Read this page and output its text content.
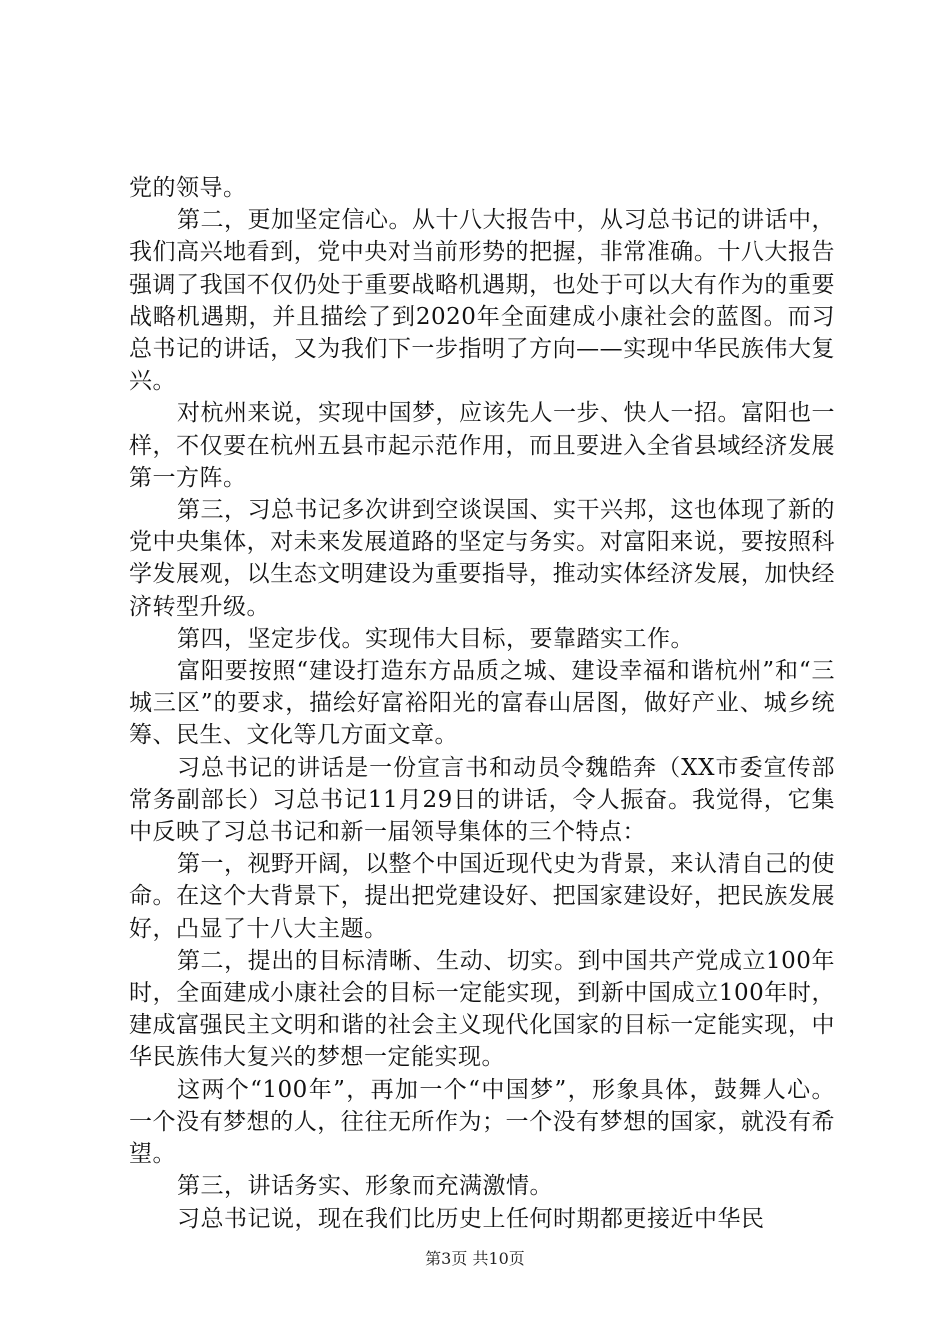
党的领导。

第二，更加坚定信心。从十八大报告中，从习总书记的讲话中，我们高兴地看到，党中央对当前形势的把握，非常准确。十八大报告强调了我国不仅仍处于重要战略机遇期，也处于可以大有作为的重要战略机遇期，并且描绘了到2020年全面建成小康社会的蓝图。而习总书记的讲话，又为我们下一步指明了方向——实现中华民族伟大复兴。

对杭州来说，实现中国梦，应该先人一步、快人一招。富阳也一样，不仅要在杭州五县市起示范作用，而且要进入全省县域经济发展第一方阵。

第三，习总书记多次讲到空谈误国、实干兴邦，这也体现了新的党中央集体，对未来发展道路的坚定与务实。对富阳来说，要按照科学发展观，以生态文明建设为重要指导，推动实体经济发展，加快经济转型升级。

第四，坚定步伐。实现伟大目标，要靠踏实工作。

富阳要按照“建设打造东方品质之城、建设幸福和谐杭州”和“三城三区”的要求，描绘好富裕阳光的富春山居图，做好产业、城乡统筹、民生、文化等几方面文章。

习总书记的讲话是一份宣言书和动员令魏皓奔（XX市委宣传部常务副部长）习总书记11月29日的讲话，令人振奋。我觉得，它集中反映了习总书记和新一届领导集体的三个特点：

第一，视野开阔，以整个中国近现代史为背景，来认清自己的使命。在这个大背景下，提出把党建设好、把国家建设好，把民族发展好，凸显了十八大主题。

第二，提出的目标清晰、生动、切实。到中国共产党成立100年时，全面建成小康社会的目标一定能实现，到新中国成立100年时，建成富强民主文明和谐的社会主义现代化国家的目标一定能实现，中华民族伟大复兴的梦想一定能实现。

这两个“100年”，再加一个“中国梦”，形象具体，鼓舞人心。一个没有梦想的人，往往无所作为；一个没有梦想的国家，就没有希望。

第三，讲话务实、形象而充满激情。

习总书记说，现在我们比历史上任何时期都更接近中华民

第3页 共10页
